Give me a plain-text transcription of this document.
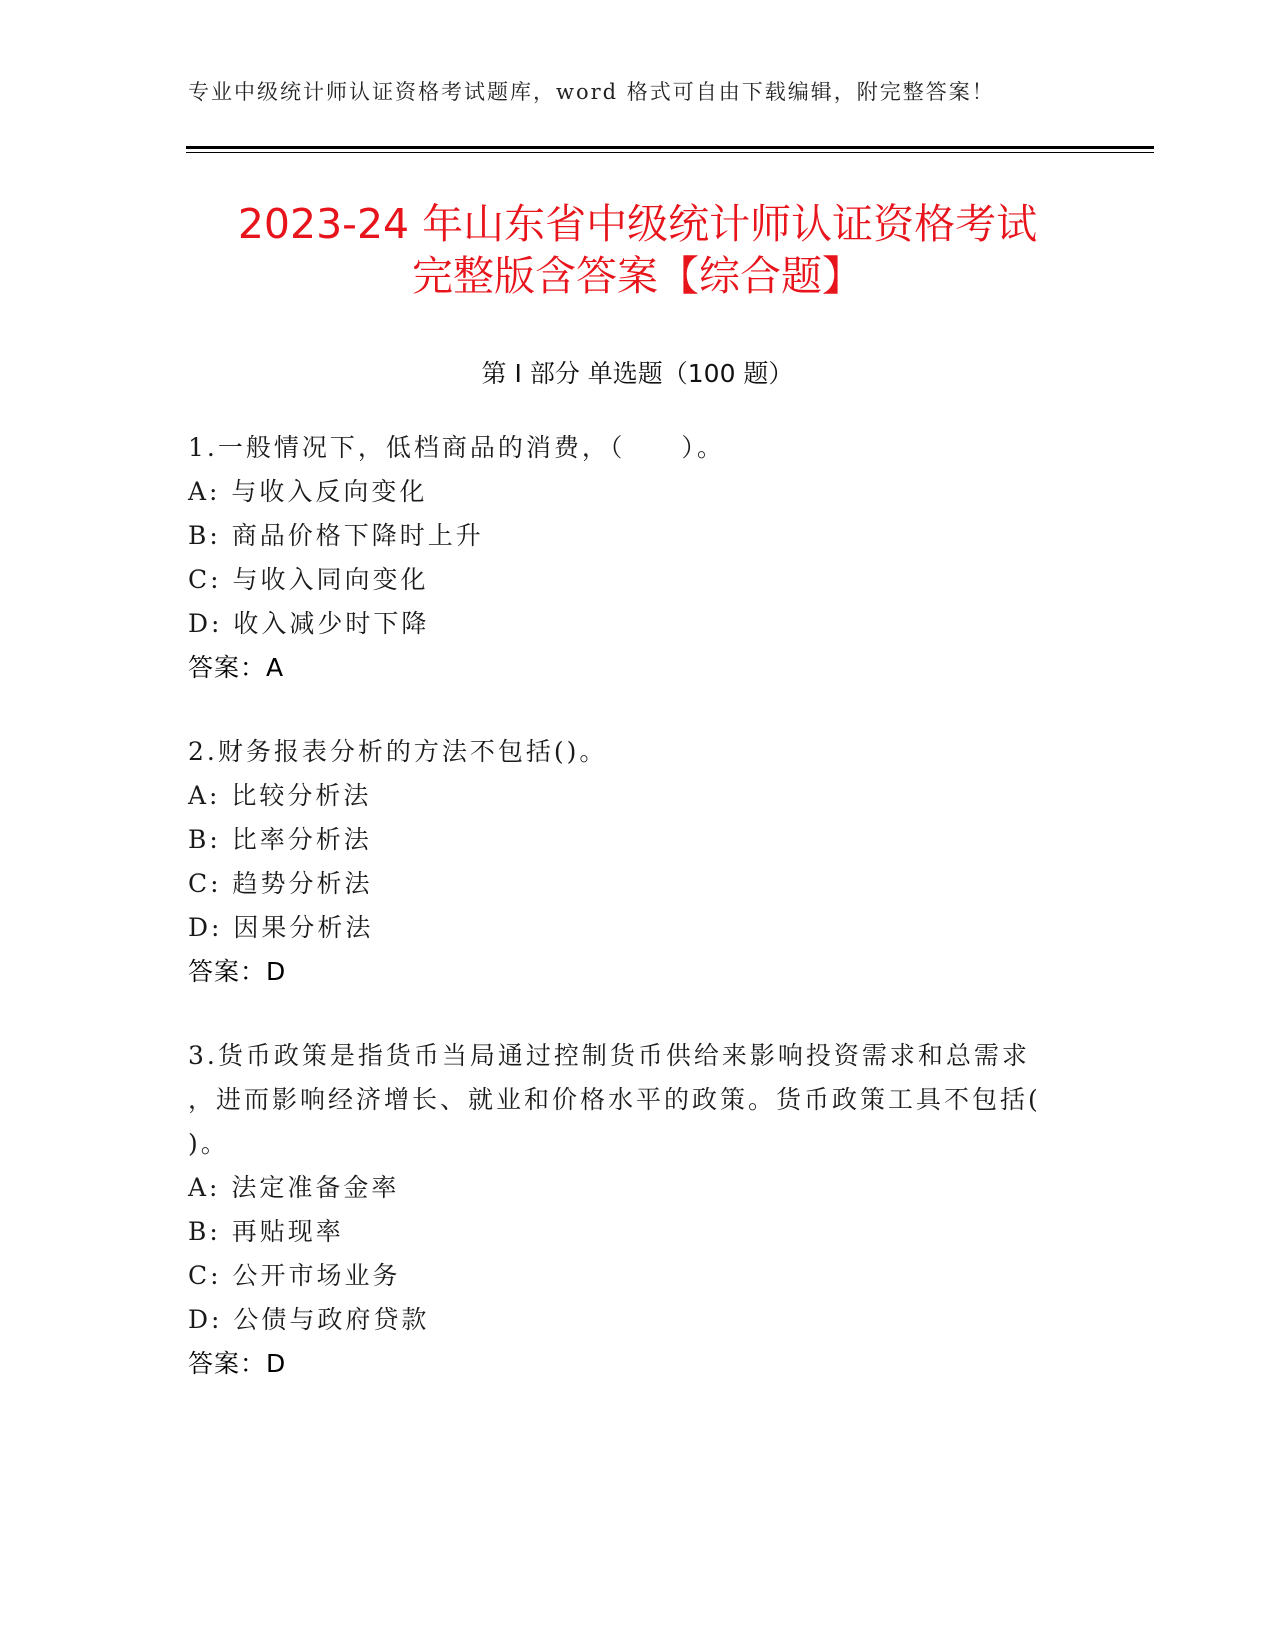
专业中级统计师认证资格考试题库，word 格式可自由下载编辑，附完整答案！
2023-24 年山东省中级统计师认证资格考试
完整版含答案【综合题】
第 I 部分 单选题（100 题）
1.一般情况下，低档商品的消费，（　　）。
A: 与收入反向变化
B: 商品价格下降时上升
C: 与收入同向变化
D: 收入减少时下降
答案：A
2.财务报表分析的方法不包括()。
A: 比较分析法
B: 比率分析法
C: 趋势分析法
D: 因果分析法
答案：D
3.货币政策是指货币当局通过控制货币供给来影响投资需求和总需求
，进而影响经济增长、就业和价格水平的政策。货币政策工具不包括(
)。
A: 法定准备金率
B: 再贴现率
C: 公开市场业务
D: 公债与政府贷款
答案：D
